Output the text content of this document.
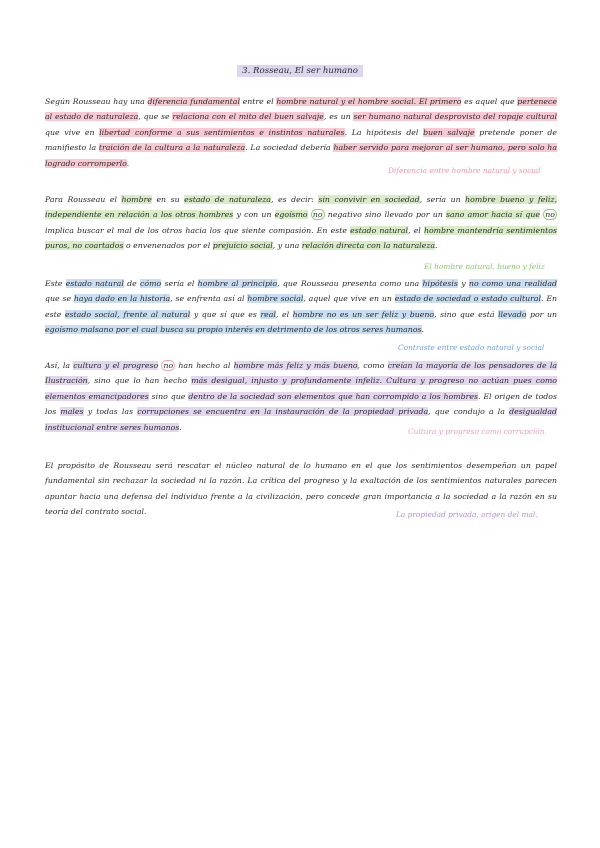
3. Rosseau, El ser humano

Según Rousseau hay una diferencia fundamental entre el hombre natural y el hombre social. El primero es aquel que pertenece al estado de naturaleza, que se relaciona con el mito del buen salvaje, es un ser humano natural desprovisto del ropaje cultural que vive en libertad conforme a sus sentimientos e instintos naturales. La hipótesis del buen salvaje pretende poner de manifiesto la traición de la cultura a la naturaleza. La sociedad debería haber servido para mejorar al ser humano, pero solo ha logrado corromperlo.

Diferencia entre hombre natural y social

Para Rousseau el hombre en su estado de naturaleza, es decir: sin convivir en sociedad, sería un hombre bueno y feliz, independiente en relación a los otros hombres y con un egoísmo no negativo sino llevado por un sano amor hacia sí que no implica buscar el mal de los otros hacia los que siente compasión. En este estado natural, el hombre mantendría sentimientos puros, no coartados o envenenados por el prejuicio social, y una relación directa con la naturaleza.

El hombre natural, bueno y feliz

Este estado natural de cómo sería el hombre al principio, que Rousseau presenta como una hipótesis y no como una realidad que se haya dado en la historia, se enfrenta así al hombre social, aquel que vive en un estado de sociedad o estado cultural. En este estado social, frente al natural y que sí que es real, el hombre no es un ser feliz y bueno, sino que está llevado por un egoísmo malsano por el cual busca su propio interés en detrimento de los otros seres humanos.

Contraste entre estado natural y social

Así, la cultura y el progreso no han hecho al hombre más feliz y más bueno, como creían la mayoría de los pensadores de la Ilustración, sino que lo han hecho más desigual, injusto y profundamente infeliz. Cultura y progreso no actúan pues como elementos emancipadores sino que dentro de la sociedad son elementos que han corrompido a los hombres. El origen de todos los males y todas las corrupciones se encuentra en la instauración de la propiedad privada, que condujo a la desigualdad institucional entre seres humanos.	Cultura y progreso como corrupción.

El propósito de Rousseau será rescatar el núcleo natural de lo humano en el que los sentimientos desempeñan un papel fundamental sin rechazar la sociedad ni la razón. La crítica del progreso y la exaltación de los sentimientos naturales parecen apuntar hacia una defensa del individuo frente a la civilización, pero concede gran importancia a la sociedad a la razón en su teoría del contrato social.	La propiedad privada, origen del mal.
